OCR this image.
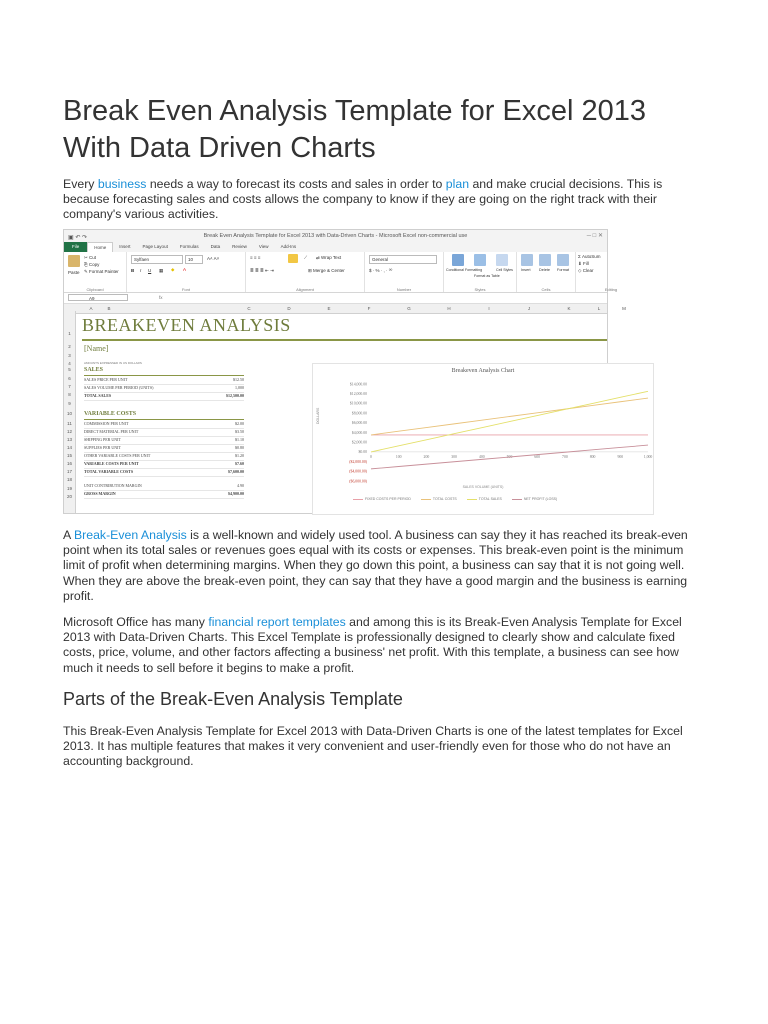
Break Even Analysis Template for Excel 2013 With Data Driven Charts

Every business needs a way to forecast its costs and sales in order to plan and make crucial decisions. This is because forecasting sales and costs allows the company to know if they are going on the right track with their company's various activities.

▣ ↶ ↷	Break Even Analysis Template for Excel 2013 with Data-Driven Charts - Microsoft Excel non-commercial use	─ □ ✕
File	Home	Insert	Page Layout	Formulas	Data	Review	View	Add-Ins
Paste
✂ Cut
⎘ Copy
✎ Format Painter
Clipboard
Sylfaen	10	A˄ A˅
B I U ▦ ◆ A
Font
≡ ≡ ≡	⟋ ⇌ Wrap Text
≣ ≣ ≣ ⇤ ⇥	⊞ Merge & Center
Alignment
General
$ · % · , · ⁰⁰
Number
Conditional Formatting
Format as Table
Cell Styles
Styles
Insert Delete Format
Cells
Σ AutoSum
⬇ Fill
◇ Clear
Editing
A9	fx
A	B	C	D	E	F	G	H	I	J	K	L	M
1
2
3
4
5
6
7
8
9
10
11
12
13
14
15
16
17
18
19
20
BREAKEVEN ANALYSIS
[Name]
AMOUNTS EXPRESSED IN US DOLLARS
SALES
SALES PRICE PER UNIT	$12.50
SALES VOLUME PER PERIOD (UNITS)	1,000
TOTAL SALES	$12,500.00
VARIABLE COSTS
COMMISSION PER UNIT	$2.00
DIRECT MATERIAL PER UNIT	$3.50
SHIPPING PER UNIT	$1.10
SUPPLIES PER UNIT	$0.80
OTHER VARIABLE COSTS PER UNIT	$1.20
VARIABLE COSTS PER UNIT	$7.60
TOTAL VARIABLE COSTS	$7,600.00
UNIT CONTRIBUTION MARGIN	4.90
GROSS MARGIN	$4,900.00
Breakeven Analysis Chart
DOLLARS
$14,000.00
$12,000.00
$10,000.00
$8,000.00
$6,000.00
$4,000.00
$2,000.00
$0.00
($2,000.00)
($4,000.00)
($6,000.00)
0	100	200	300	400	500	600	700	800	900	1,000
SALES VOLUME (UNITS)
FIXED COSTS PER PERIOD	TOTAL COSTS	TOTAL SALES	NET PROFIT (LOSS)

A Break-Even Analysis is a well-known and widely used tool. A business can say they it has reached its break-even point when its total sales or revenues goes equal with its costs or expenses. This break-even point is the minimum limit of profit when determining margins. When they go down this point, a business can say that it is not going well. When they are above the break-even point, they can say that they have a good margin and the business is earning profit.

Microsoft Office has many financial report templates and among this is its Break-Even Analysis Template for Excel 2013 with Data-Driven Charts. This Excel Template is professionally designed to clearly show and calculate fixed costs, price, volume, and other factors affecting a business' net profit. With this template, a business can see how much it needs to sell before it begins to make a profit.

Parts of the Break-Even Analysis Template

This Break-Even Analysis Template for Excel 2013 with Data-Driven Charts is one of the latest templates for Excel 2013. It has multiple features that makes it very convenient and user-friendly even for those who do not have an accounting background.
